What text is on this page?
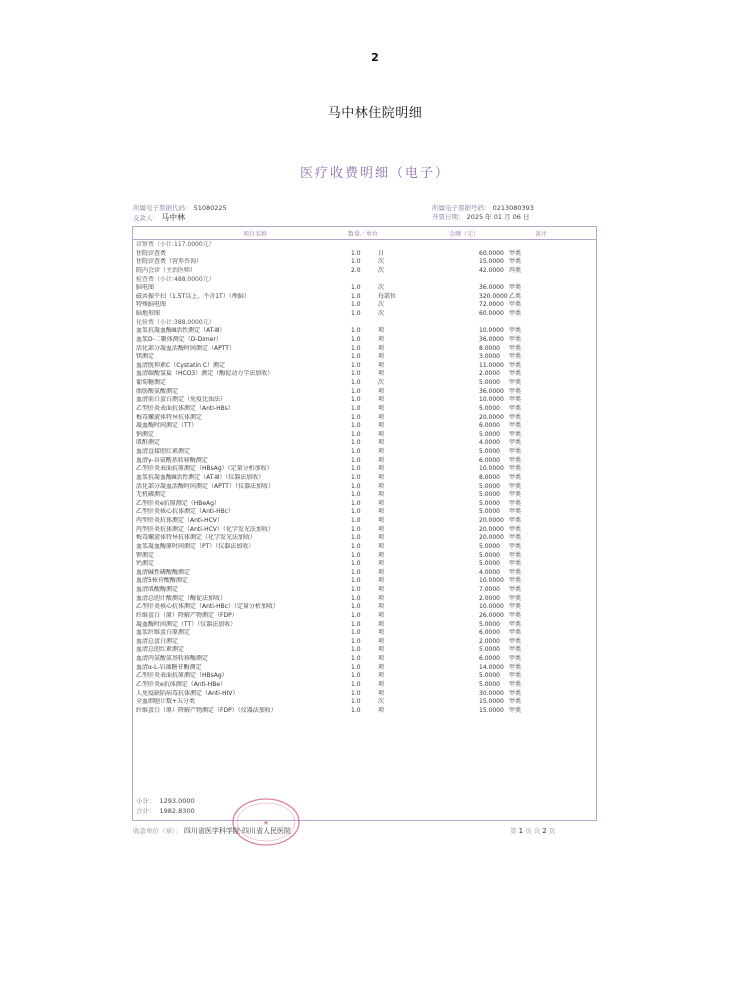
2
马中林住院明细
医疗收费明细（电子）
所属电子票据代码： 51080225
交款人： 马中林
所属电子票据号码： 0213080393
开票日期： 2025 年 01 月 06 日
项目名称	数量／单位	金额（元）	备注
诊察费（小计:117.0000元）
住院诊查费	1.0	日	60.0000 甲类
住院诊查费（营养咨询）	1.0	次	15.0000 甲类
院内会诊（主治医师）	2.0	次	42.0000 丙类
检查费（小计:488.0000元）
脑电图	1.0	次	36.0000 甲类
磁共振平扫（1.5T以上，不含1T）（颅脑）	1.0	每部位	320.0000 乙类
特殊脑电图	1.0	次	72.0000 甲类
脑地形图	1.0	次	60.0000 甲类
化验费（小计:388.0000元）
血浆抗凝血酶Ⅲ活性测定（AT-Ⅲ）	1.0	项	10.0000 甲类
血浆D-二聚体测定（D-Dimer）	1.0	项	36.0000 甲类
活化部分凝血活酶时间测定（APTT）	1.0	项	8.0000 甲类
镁测定	1.0	项	3.0000 甲类
血清胱抑素C（Cystatin C）测定	1.0	项	11.0000 甲类
血清碳酸氢盐（HCO3）测定（酶促动力学法加收）	1.0	项	2.0000 甲类
葡萄糖测定	1.0	次	5.0000 甲类
脂肪酸氨酸测定	1.0	项	36.0000 甲类
血清前白蛋白测定（免疫比浊法）	1.0	项	10.0000 甲类
乙型肝炎表面抗体测定（Anti-HBs）	1.0	项	5.0000 甲类
梅毒螺旋体特异抗体测定	1.0	项	20.0000 甲类
凝血酶时间测定（TT）	1.0	项	6.0000 甲类
钠测定	1.0	项	5.0000 甲类
肌酐测定	1.0	项	4.0000 甲类
血清直接胆红素测定	1.0	项	5.0000 甲类
血清γ-谷氨酰基转移酶测定	1.0	项	6.0000 甲类
乙型肝炎表面抗原测定（HBsAg）（定量分析加收）	1.0	项	10.0000 甲类
血浆抗凝血酶Ⅲ活性测定（AT-Ⅲ）（仪器法加收）	1.0	项	8.0000 甲类
活化部分凝血活酶时间测定（APTT）（仪器法加收）	1.0	项	5.0000 甲类
无机磷测定	1.0	项	5.0000 甲类
乙型肝炎e抗原测定（HBeAg）	1.0	项	5.0000 甲类
乙型肝炎核心抗体测定（Anti-HBc）	1.0	项	5.0000 甲类
丙型肝炎抗体测定（Anti-HCV）	1.0	项	20.0000 甲类
丙型肝炎抗体测定（Anti-HCV）（化学发光法加收）	1.0	项	20.0000 甲类
梅毒螺旋体特异抗体测定（化学发光法加收）	1.0	项	20.0000 甲类
血浆凝血酶原时间测定（PT）（仪器法加收）	1.0	项	5.0000 甲类
钾测定	1.0	项	5.0000 甲类
钙测定	1.0	项	5.0000 甲类
血清碱性磷酸酶测定	1.0	项	4.0000 甲类
血清5核苷酸酶测定	1.0	项	10.0000 甲类
血清肌酸酶测定	1.0	项	7.0000 甲类
血清总胆汁酸测定（酶促法加收）	1.0	项	2.0000 甲类
乙型肝炎核心抗体测定（Anti-HBc）（定量分析加收）	1.0	项	10.0000 甲类
纤维蛋白（原）降解产物测定（FDP）	1.0	项	26.0000 甲类
凝血酶时间测定（TT）（仪器法加收）	1.0	项	5.0000 甲类
血浆纤维蛋白原测定	1.0	项	6.0000 甲类
血清总蛋白测定	1.0	项	2.0000 甲类
血清总胆红素测定	1.0	项	5.0000 甲类
血清丙氨酸氨基转移酶测定	1.0	项	6.0000 甲类
血清α-L-岩藻糖苷酶测定	1.0	项	14.0000 甲类
乙型肝炎表面抗原测定（HBsAg）	1.0	项	5.0000 甲类
乙型肝炎e抗体测定（Anti-HBe）	1.0	项	5.0000 甲类
人免疫缺陷病毒抗体测定（Anti-HIV）	1.0	项	30.0000 甲类
全血细胞计数+五分类	1.0	次	15.0000 甲类
纤维蛋白（原）降解产物测定（FDP）（仪器法加收）	1.0	项	15.0000 甲类
小计： 1293.0000
合计： 1982.8300
★
收款单位（章）： 四川省医学科学院·四川省人民医院	第 1 页 共 2 页
